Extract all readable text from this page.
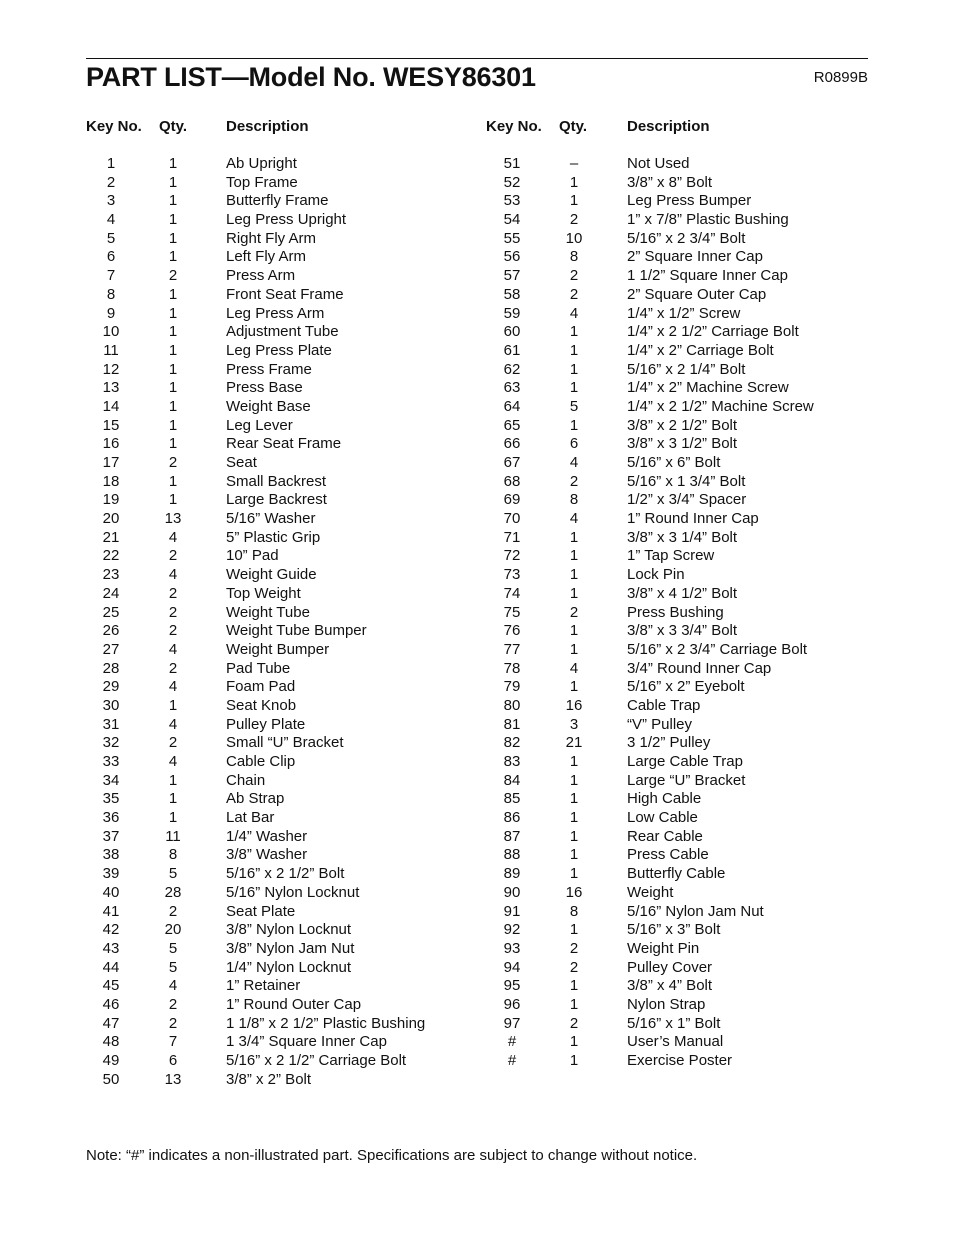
PART LIST—Model No. WESY86301	R0899B
Key No. Qty.	Description	Key No. Qty.	Description
1	1	Ab Upright
2	1	Top Frame
3	1	Butterfly Frame
4	1	Leg Press Upright
5	1	Right Fly Arm
6	1	Left Fly Arm
7	2	Press Arm
8	1	Front Seat Frame
9	1	Leg Press Arm
10	1	Adjustment Tube
11	1	Leg Press Plate
12	1	Press Frame
13	1	Press Base
14	1	Weight Base
15	1	Leg Lever
16	1	Rear Seat Frame
17	2	Seat
18	1	Small Backrest
19	1	Large Backrest
20	13	5/16” Washer
21	4	5” Plastic Grip
22	2	10” Pad
23	4	Weight Guide
24	2	Top Weight
25	2	Weight Tube
26	2	Weight Tube Bumper
27	4	Weight Bumper
28	2	Pad Tube
29	4	Foam Pad
30	1	Seat Knob
31	4	Pulley Plate
32	2	Small “U” Bracket
33	4	Cable Clip
34	1	Chain
35	1	Ab Strap
36	1	Lat Bar
37	11	1/4” Washer
38	8	3/8” Washer
39	5	5/16” x 2 1/2” Bolt
40	28	5/16” Nylon Locknut
41	2	Seat Plate
42	20	3/8” Nylon Locknut
43	5	3/8” Nylon Jam Nut
44	5	1/4” Nylon Locknut
45	4	1” Retainer
46	2	1” Round Outer Cap
47	2	1 1/8” x 2 1/2” Plastic Bushing
48	7	1 3/4” Square Inner Cap
49	6	5/16” x 2 1/2” Carriage Bolt
50	13	3/8” x 2” Bolt
51	–	Not Used
52	1	3/8” x 8” Bolt
53	1	Leg Press Bumper
54	2	1” x 7/8” Plastic Bushing
55	10	5/16” x 2 3/4” Bolt
56	8	2” Square Inner Cap
57	2	1 1/2” Square Inner Cap
58	2	2” Square Outer Cap
59	4	1/4” x 1/2” Screw
60	1	1/4” x 2 1/2” Carriage Bolt
61	1	1/4” x 2” Carriage Bolt
62	1	5/16” x 2 1/4” Bolt
63	1	1/4” x 2” Machine Screw
64	5	1/4” x 2 1/2” Machine Screw
65	1	3/8” x 2 1/2” Bolt
66	6	3/8” x 3 1/2” Bolt
67	4	5/16” x 6” Bolt
68	2	5/16” x 1 3/4” Bolt
69	8	1/2” x 3/4” Spacer
70	4	1” Round Inner Cap
71	1	3/8” x 3 1/4” Bolt
72	1	1” Tap Screw
73	1	Lock Pin
74	1	3/8” x 4 1/2” Bolt
75	2	Press Bushing
76	1	3/8” x 3 3/4” Bolt
77	1	5/16” x 2 3/4” Carriage Bolt
78	4	3/4” Round Inner Cap
79	1	5/16” x 2” Eyebolt
80	16	Cable Trap
81	3	“V” Pulley
82	21	3 1/2” Pulley
83	1	Large Cable Trap
84	1	Large “U” Bracket
85	1	High Cable
86	1	Low Cable
87	1	Rear Cable
88	1	Press Cable
89	1	Butterfly Cable
90	16	Weight
91	8	5/16” Nylon Jam Nut
92	1	5/16” x 3” Bolt
93	2	Weight Pin
94	2	Pulley Cover
95	1	3/8” x 4” Bolt
96	1	Nylon Strap
97	2	5/16” x 1” Bolt
#	1	User’s Manual
#	1	Exercise Poster
Note: “#” indicates a non-illustrated part. Specifications are subject to change without notice.
